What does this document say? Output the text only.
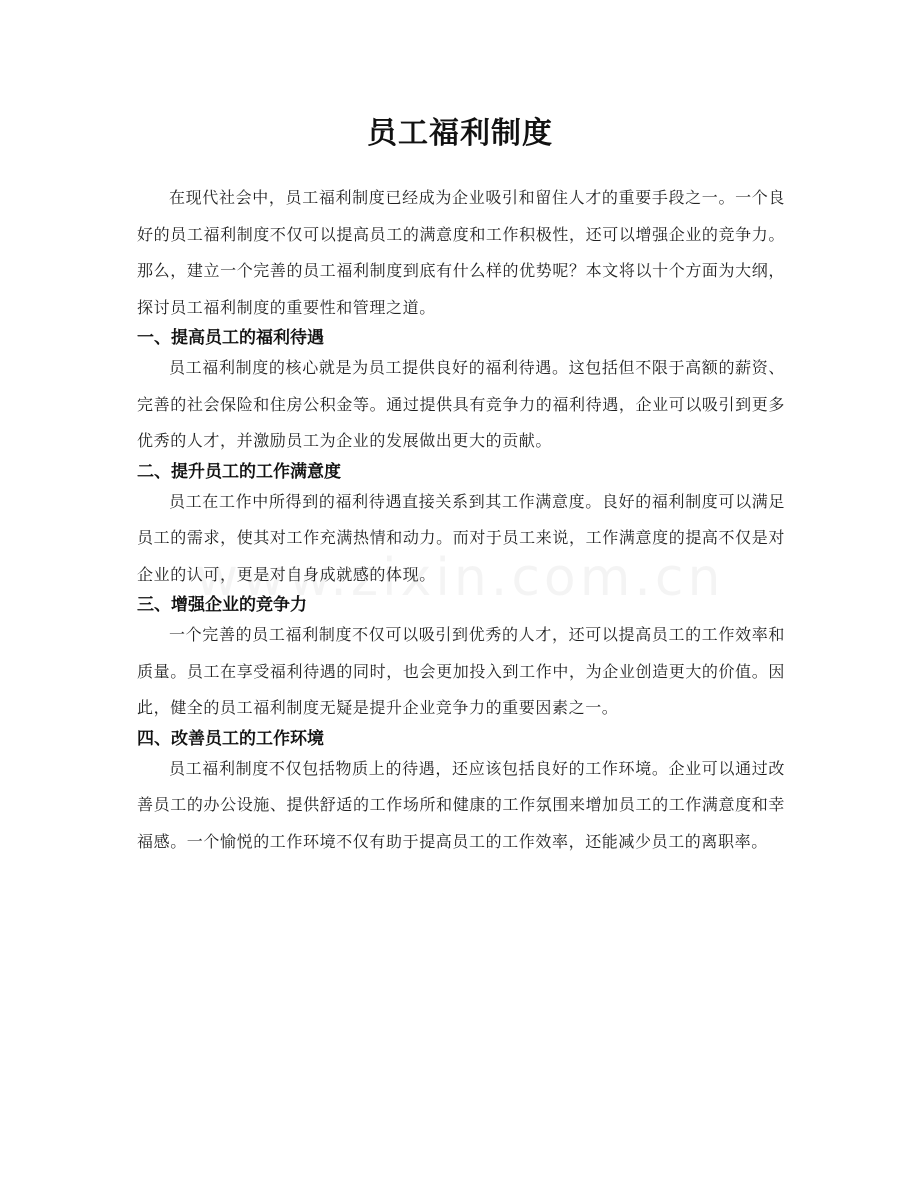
员工福利制度

在现代社会中，员工福利制度已经成为企业吸引和留住人才的重要手段之一。一个良好的员工福利制度不仅可以提高员工的满意度和工作积极性，还可以增强企业的竞争力。那么，建立一个完善的员工福利制度到底有什么样的优势呢？本文将以十个方面为大纲，探讨员工福利制度的重要性和管理之道。

一、提高员工的福利待遇

员工福利制度的核心就是为员工提供良好的福利待遇。这包括但不限于高额的薪资、完善的社会保险和住房公积金等。通过提供具有竞争力的福利待遇，企业可以吸引到更多优秀的人才，并激励员工为企业的发展做出更大的贡献。

二、提升员工的工作满意度

员工在工作中所得到的福利待遇直接关系到其工作满意度。良好的福利制度可以满足员工的需求，使其对工作充满热情和动力。而对于员工来说，工作满意度的提高不仅是对企业的认可，更是对自身成就感的体现。

三、增强企业的竞争力

一个完善的员工福利制度不仅可以吸引到优秀的人才，还可以提高员工的工作效率和质量。员工在享受福利待遇的同时，也会更加投入到工作中，为企业创造更大的价值。因此，健全的员工福利制度无疑是提升企业竞争力的重要因素之一。

四、改善员工的工作环境

员工福利制度不仅包括物质上的待遇，还应该包括良好的工作环境。企业可以通过改善员工的办公设施、提供舒适的工作场所和健康的工作氛围来增加员工的工作满意度和幸福感。一个愉悦的工作环境不仅有助于提高员工的工作效率，还能减少员工的离职率。
